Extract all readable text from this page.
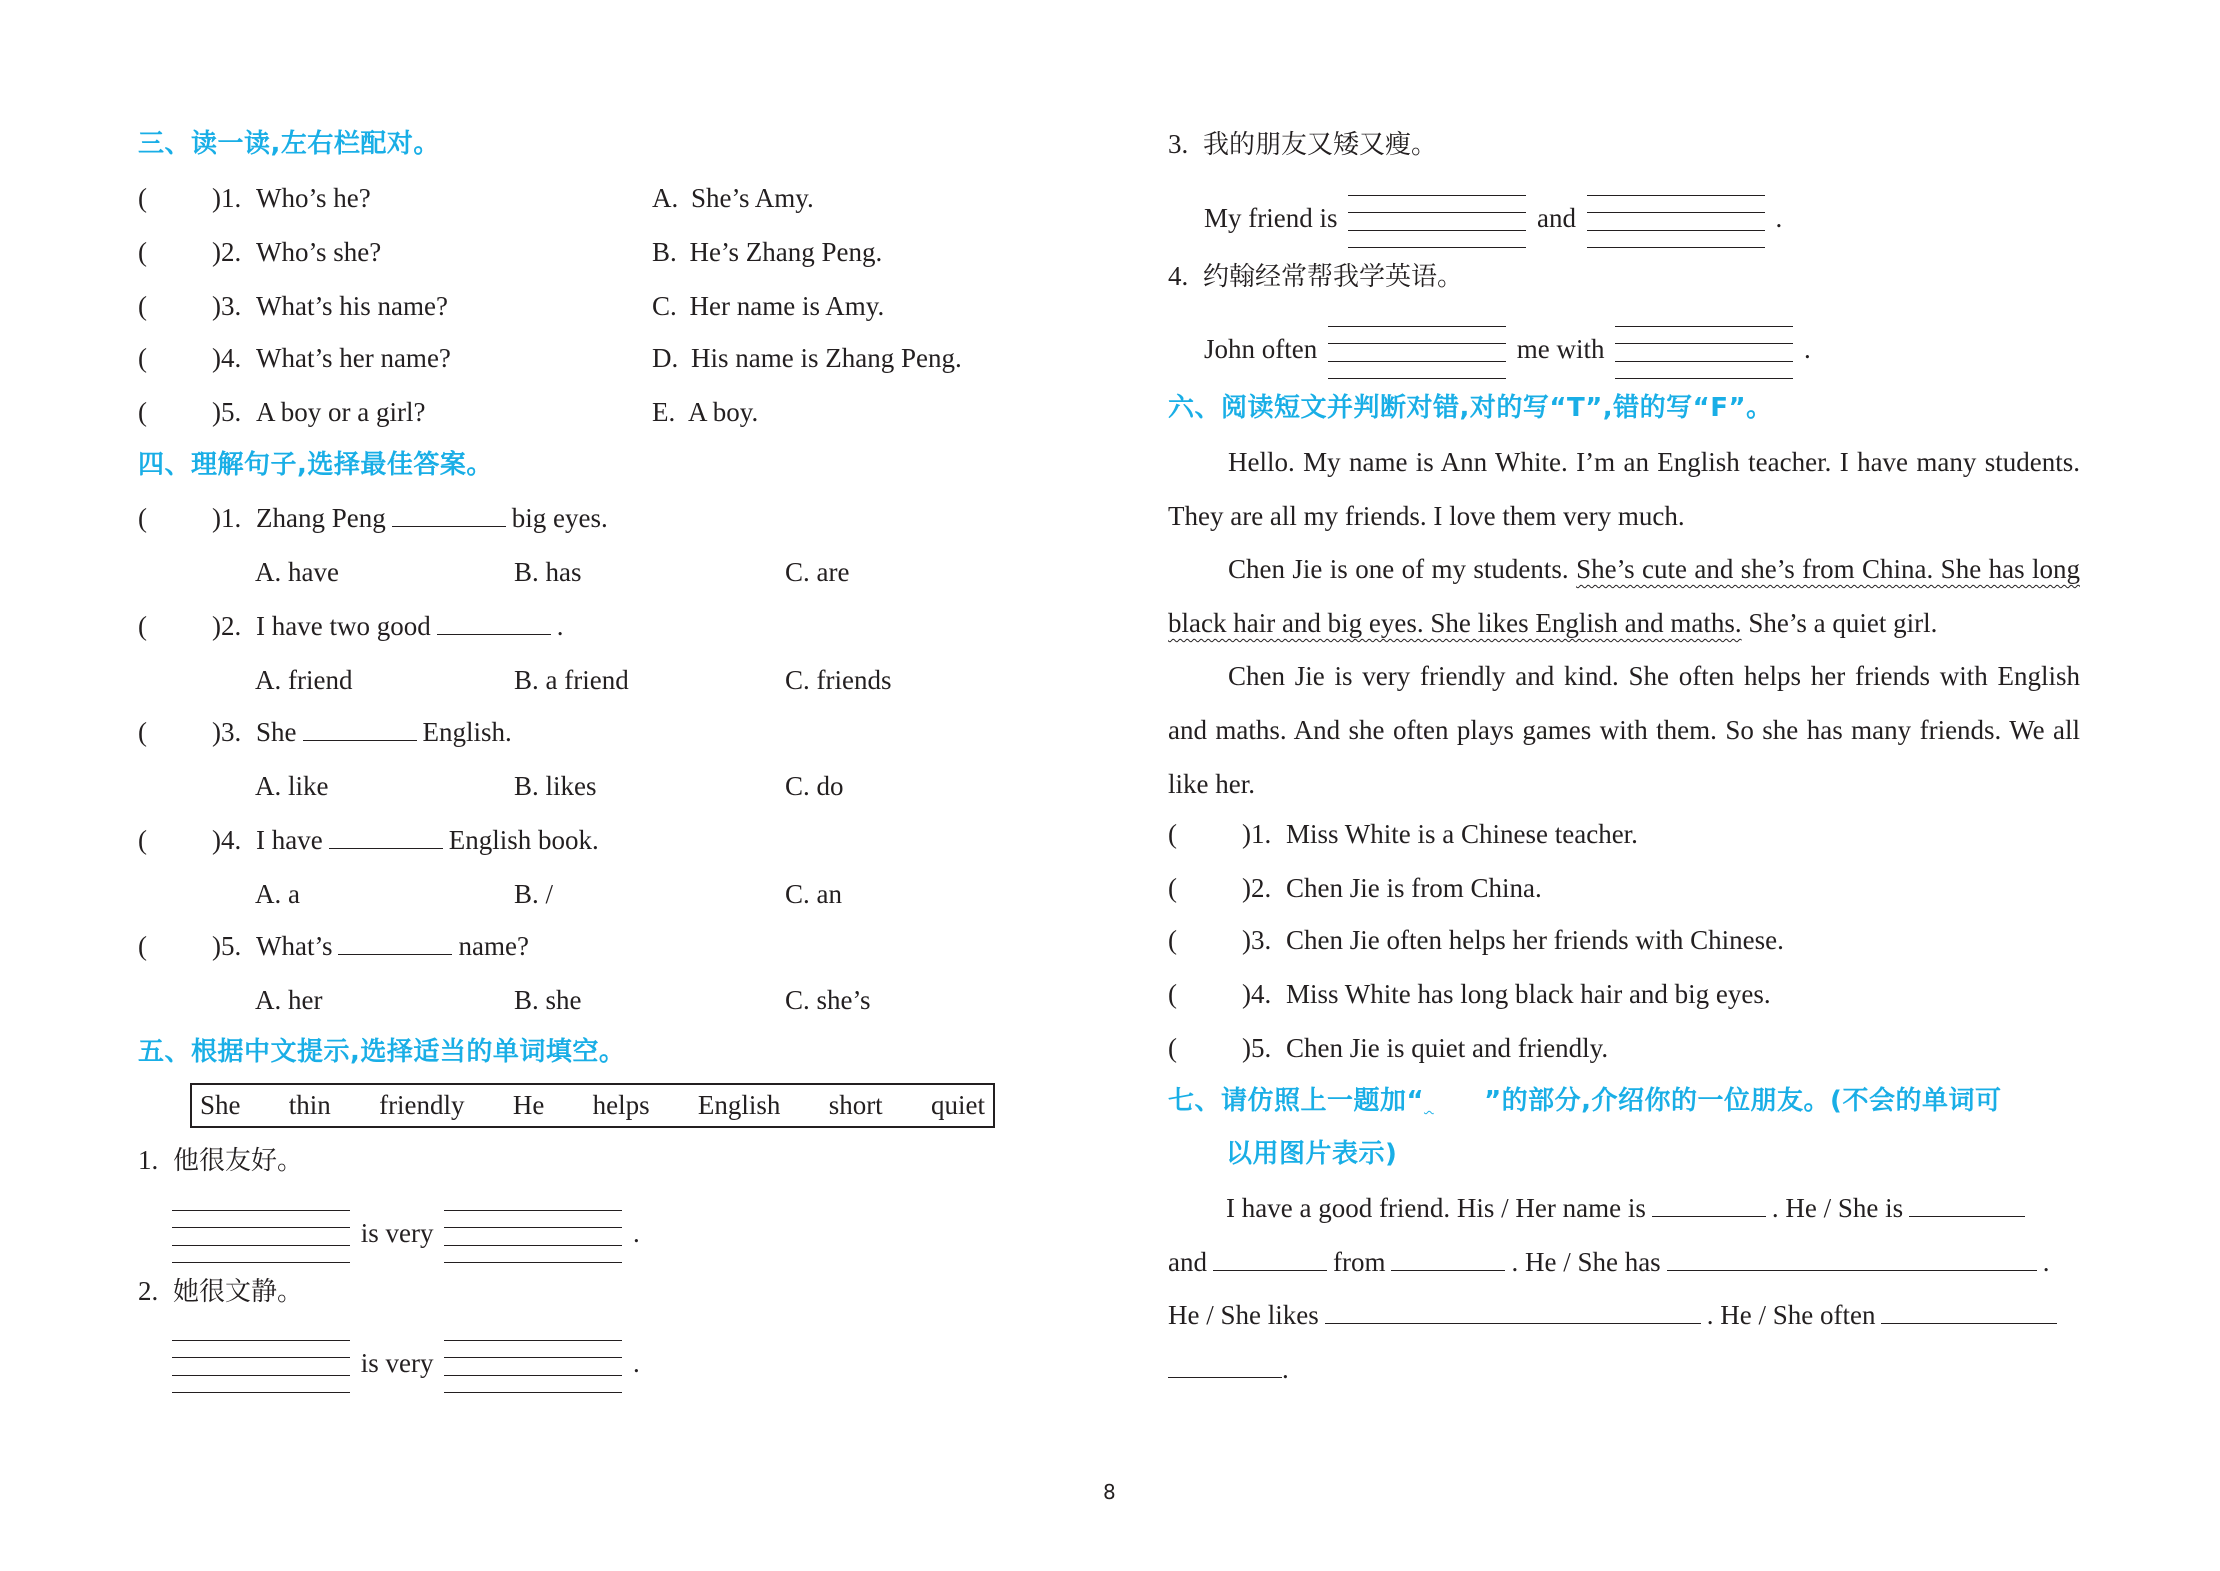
三、读一读,左右栏配对。
( )1. Who’s he?	A. She’s Amy.
( )2. Who’s she?	B. He’s Zhang Peng.
( )3. What’s his name?	C. Her name is Amy.
( )4. What’s her name?	D. His name is Zhang Peng.
( )5. A boy or a girl?	E. A boy.
四、理解句子,选择最佳答案。
( )1. Zhang Peng	big eyes.
A. have	B. has	C. are
( )2. I have two good	.
A. friend	B. a friend	C. friends
( )3. She	English.
A. like	B. likes	C. do
( )4. I have	English book.
A. a	B. /	C. an
( )5. What’s	name?
A. her	B. she	C. she’s
五、根据中文提示,选择适当的单词填空。
She thin friendly He helps English short quiet
1. 他很友好。
is very	.
2. 她很文静。
is very	.
3. 我的朋友又矮又瘦。
My friend is	and	.
4. 约翰经常帮我学英语。
John often	me with	.
六、阅读短文并判断对错,对的写“T”,错的写“F”。

Hello. My name is Ann White. I’m an English teacher. I have many students. They are all my friends. I love them very much.

Chen Jie is one of my students. She’s cute and she’s from China. She has long black hair and big eyes. She likes English and maths. She’s a quiet girl.

Chen Jie is very friendly and kind. She often helps her friends with English and maths. And she often plays games with them. So she has many friends. We all like her.

( )1. Miss White is a Chinese teacher.
( )2. Chen Jie is from China.
( )3. Chen Jie often helps her friends with Chinese.
( )4. Miss White has long black hair and big eyes.
( )5. Chen Jie is quiet and friendly.
七、请仿照上一题加“ ”的部分,介绍你的一位朋友。(不会的单词可
以用图片表示)
I have a good friend. His / Her name is	. He / She is
and	from	. He / She has	.
He / She likes	. He / She often
.
8
